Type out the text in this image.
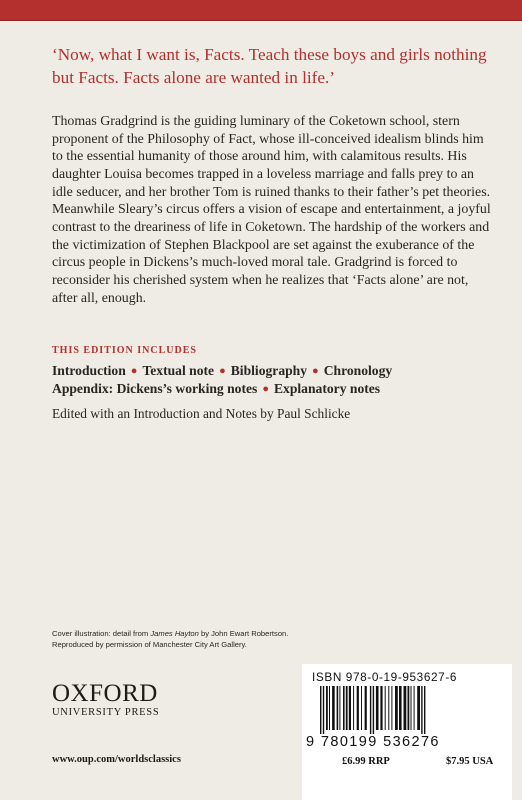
‘Now, what I want is, Facts. Teach these boys and girls nothing but Facts. Facts alone are wanted in life.’

Thomas Gradgrind is the guiding luminary of the Coketown school, stern proponent of the Philosophy of Fact, whose ill-conceived idealism blinds him to the essential humanity of those around him, with calamitous results. His daughter Louisa becomes trapped in a loveless marriage and falls prey to an idle seducer, and her brother Tom is ruined thanks to their father’s pet theories. Meanwhile Sleary’s circus offers a vision of escape and entertainment, a joyful contrast to the dreariness of life in Coketown. The hardship of the workers and the victimization of Stephen Blackpool are set against the exuberance of the circus people in Dickens’s much-loved moral tale. Gradgrind is forced to reconsider his cherished system when he realizes that ‘Facts alone’ are not, after all, enough.

THIS EDITION INCLUDES

Introduction ● Textual note ● Bibliography ● Chronology
Appendix: Dickens’s working notes ● Explanatory notes

Edited with an Introduction and Notes by Paul Schlicke

Cover illustration: detail from James Hayton by John Ewart Robertson.
Reproduced by permission of Manchester City Art Gallery.
OXFORD
UNIVERSITY PRESS
www.oup.com/worldsclassics
ISBN 978-0-19-953627-6
9 780199 536276
£6.99 RRP	$7.95 USA
